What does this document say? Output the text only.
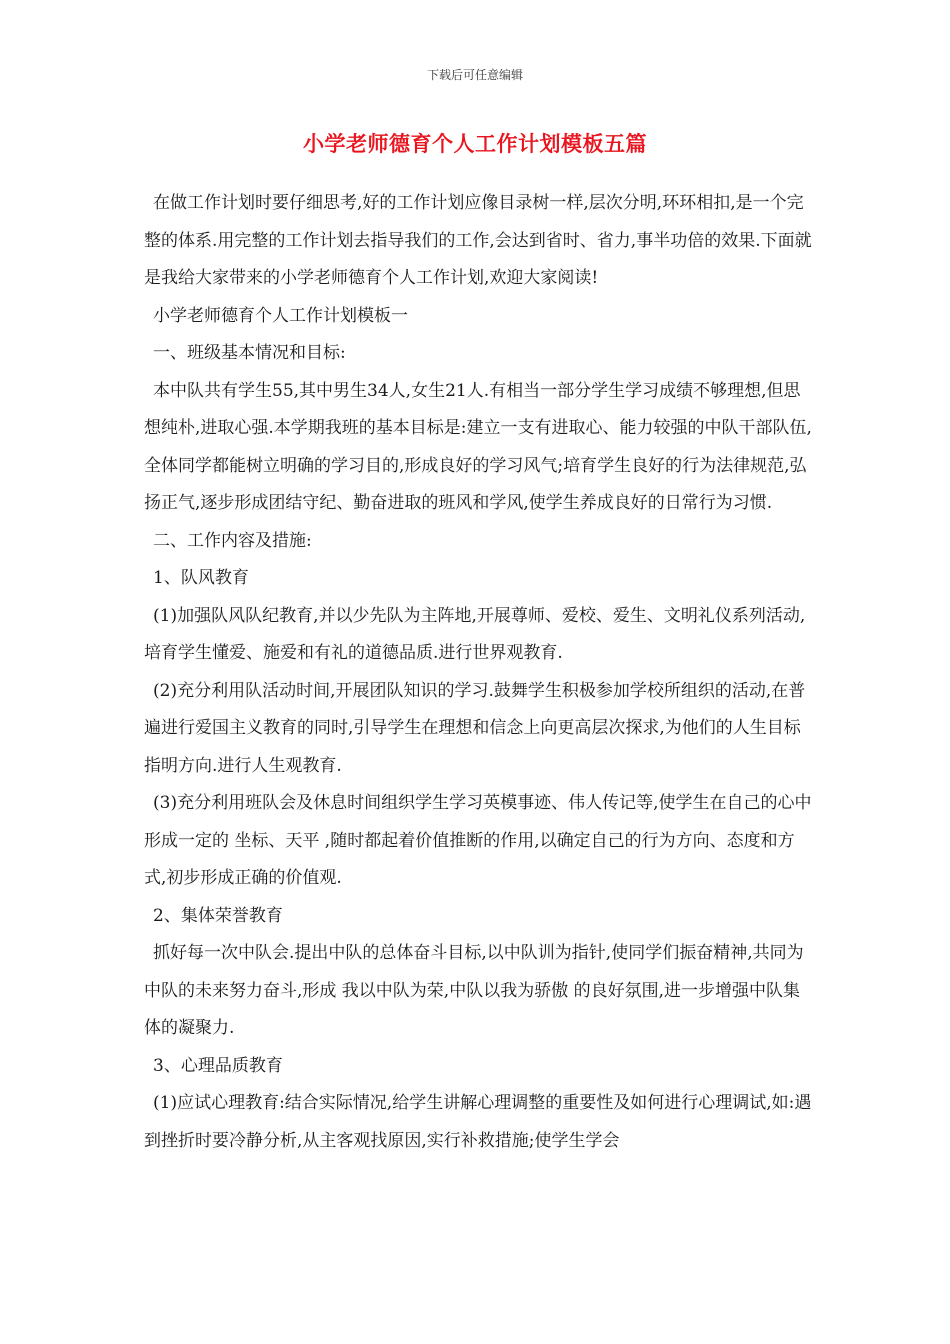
下载后可任意编辑
小学老师德育个人工作计划模板五篇

在做工作计划时要仔细思考,好的工作计划应像目录树一样,层次分明,环环相扣,是一个完整的体系.用完整的工作计划去指导我们的工作,会达到省时、省力,事半功倍的效果.下面就是我给大家带来的小学老师德育个人工作计划,欢迎大家阅读!

小学老师德育个人工作计划模板一

一、班级基本情况和目标:

本中队共有学生55,其中男生34人,女生21人.有相当一部分学生学习成绩不够理想,但思想纯朴,进取心强.本学期我班的基本目标是:建立一支有进取心、能力较强的中队干部队伍,全体同学都能树立明确的学习目的,形成良好的学习风气;培育学生良好的行为法律规范,弘扬正气,逐步形成团结守纪、勤奋进取的班风和学风,使学生养成良好的日常行为习惯.

二、工作内容及措施:

1、队风教育

(1)加强队风队纪教育,并以少先队为主阵地,开展尊师、爱校、爱生、文明礼仪系列活动,培育学生懂爱、施爱和有礼的道德品质.进行世界观教育.

(2)充分利用队活动时间,开展团队知识的学习.鼓舞学生积极参加学校所组织的活动,在普遍进行爱国主义教育的同时,引导学生在理想和信念上向更高层次探求,为他们的人生目标指明方向.进行人生观教育.

(3)充分利用班队会及休息时间组织学生学习英模事迹、伟人传记等,使学生在自己的心中形成一定的 坐标、天平 ,随时都起着价值推断的作用,以确定自己的行为方向、态度和方式,初步形成正确的价值观.

2、集体荣誉教育

抓好每一次中队会.提出中队的总体奋斗目标,以中队训为指针,使同学们振奋精神,共同为中队的未来努力奋斗,形成 我以中队为荣,中队以我为骄傲 的良好氛围,进一步增强中队集体的凝聚力.

3、心理品质教育

(1)应试心理教育:结合实际情况,给学生讲解心理调整的重要性及如何进行心理调试,如:遇到挫折时要冷静分析,从主客观找原因,实行补救措施;使学生学会
